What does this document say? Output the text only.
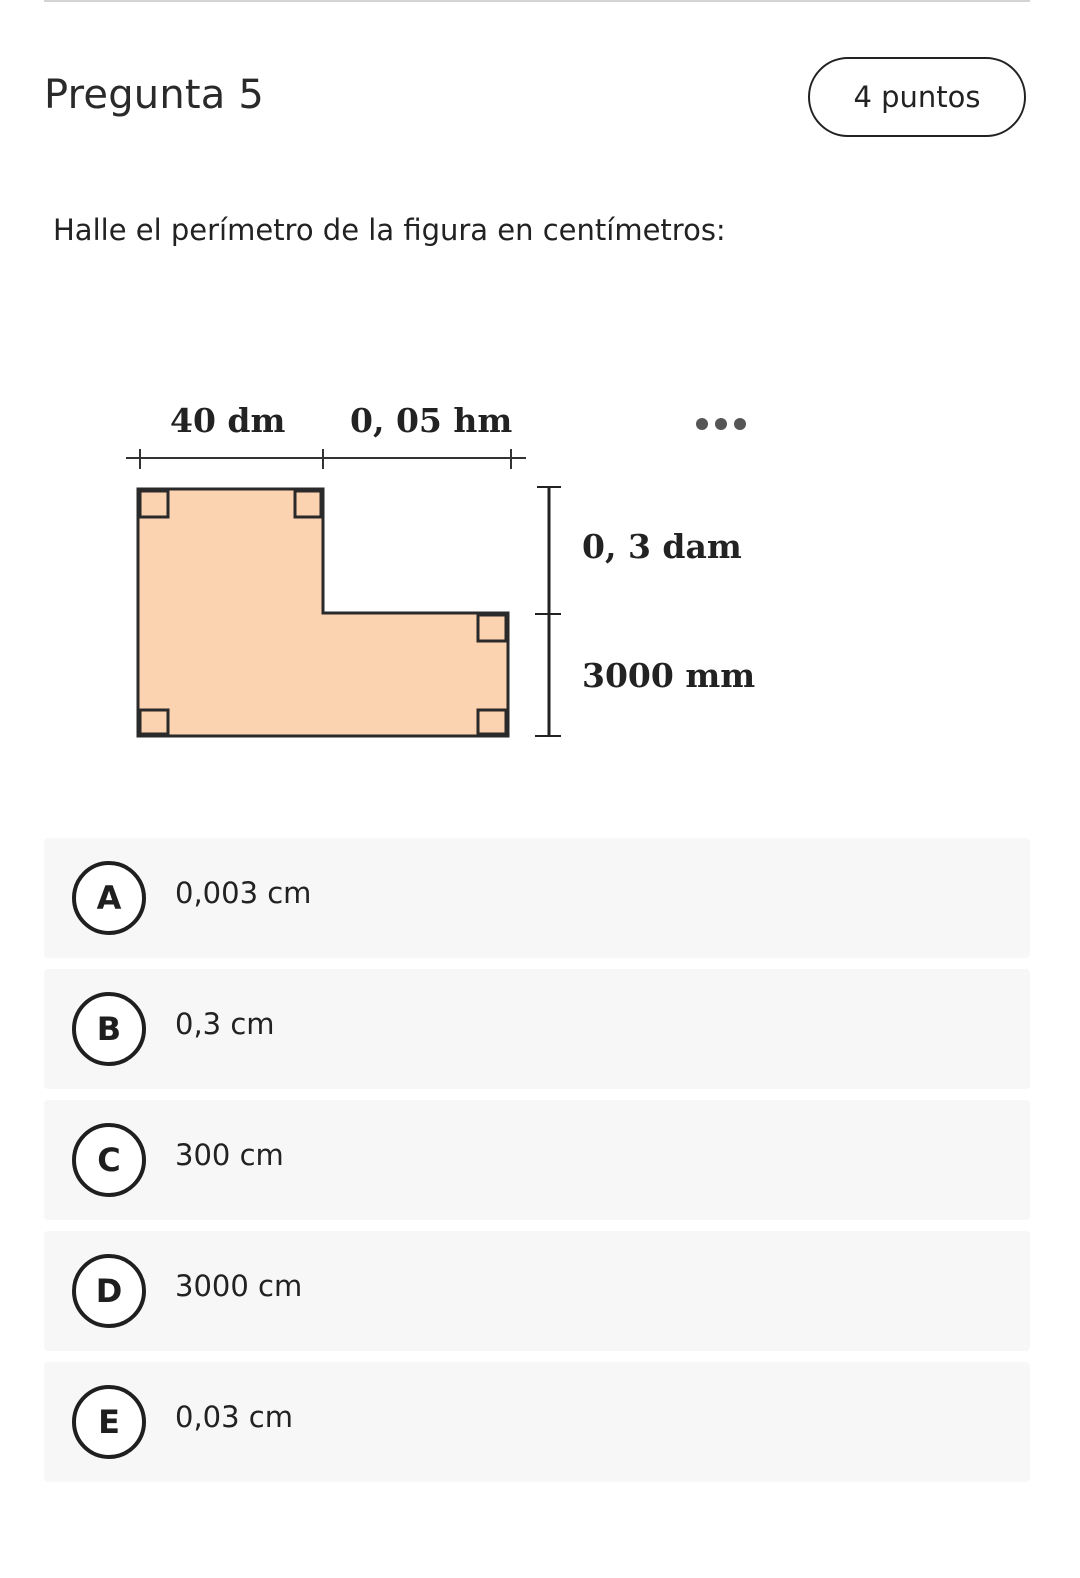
Pregunta 5	4 puntos
Halle el perímetro de la figura en centímetros:
40 dm 0, 05 hm
0, 3 dam
3000 mm
A	0,003 cm
B	0,3 cm
C	300 cm
D	3000 cm
E	0,03 cm
